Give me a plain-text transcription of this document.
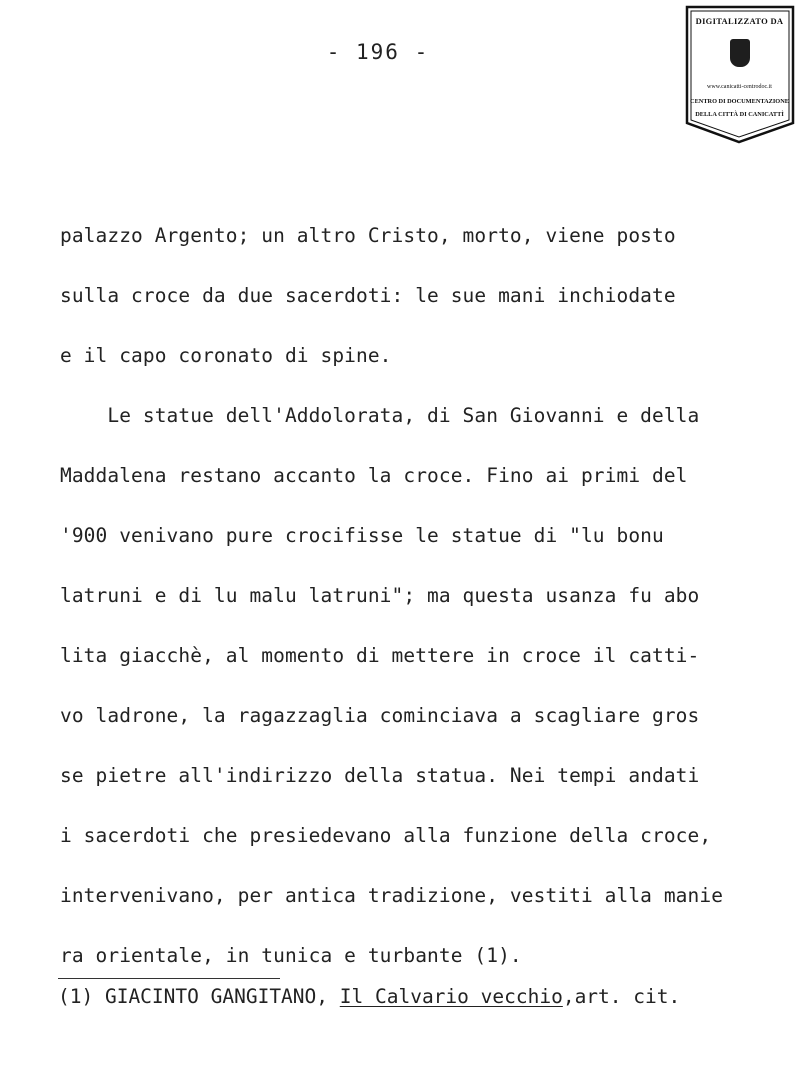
- 196 -
DIGITALIZZATO DA
www.canicatti-centrodoc.it
CENTRO DI DOCUMENTAZIONE
DELLA CITTÀ DI CANICATTÌ
palazzo Argento; un altro Cristo, morto, viene posto
sulla croce da due sacerdoti: le sue mani inchiodate
e il capo coronato di spine.
Le statue dell'Addolorata, di San Giovanni e della
Maddalena restano accanto la croce. Fino ai primi del
'900 venivano pure crocifisse le statue di "lu bonu
latruni e di lu malu latruni"; ma questa usanza fu abo
lita giacchè, al momento di mettere in croce il catti-
vo ladrone, la ragazzaglia cominciava a scagliare gros
se pietre all'indirizzo della statua. Nei tempi andati
i sacerdoti che presiedevano alla funzione della croce,
intervenivano, per antica tradizione, vestiti alla manie
ra orientale, in tunica e turbante (1).
(1) GIACINTO GANGITANO, Il Calvario vecchio,art. cit.
